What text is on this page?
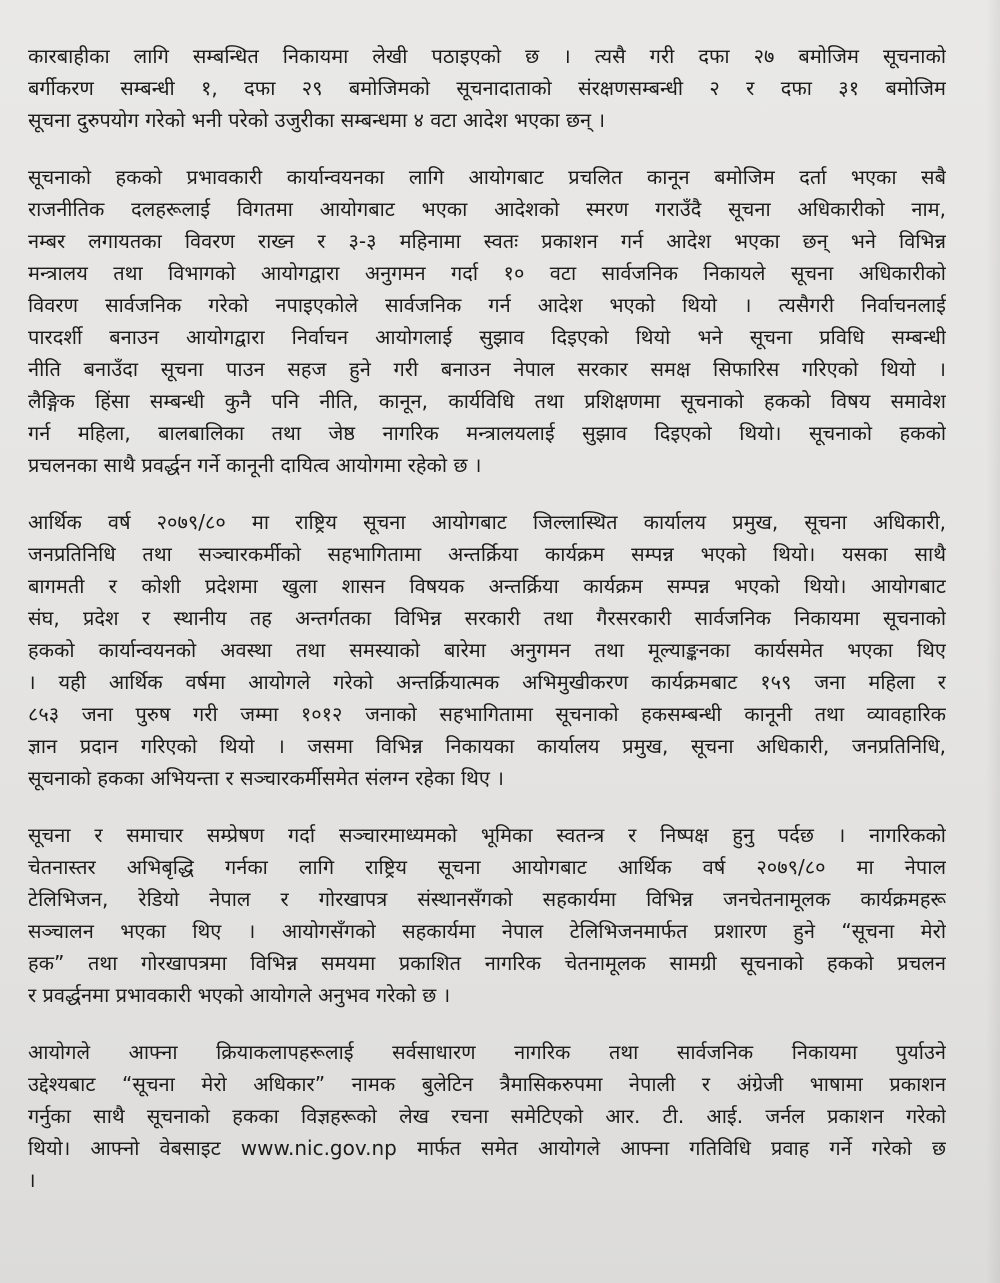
कारबाहीका लागि सम्बन्धित निकायमा लेखी पठाइएको छ । त्यसै गरी दफा २७ बमोजिम सूचनाको
बर्गीकरण सम्बन्धी १, दफा २९ बमोजिमको सूचनादाताको संरक्षणसम्बन्धी २ र दफा ३१ बमोजिम
सूचना दुरुपयोग गरेको भनी परेको उजुरीका सम्बन्धमा ४ वटा आदेश भएका छन् ।
सूचनाको हकको प्रभावकारी कार्यान्वयनका लागि आयोगबाट प्रचलित कानून बमोजिम दर्ता भएका सबै
राजनीतिक दलहरूलाई विगतमा आयोगबाट भएका आदेशको स्मरण गराउँदै सूचना अधिकारीको नाम,
नम्बर लगायतका विवरण राख्न र ३-३ महिनामा स्वतः प्रकाशन गर्न आदेश भएका छन् भने विभिन्न
मन्त्रालय तथा विभागको आयोगद्वारा अनुगमन गर्दा १० वटा सार्वजनिक निकायले सूचना अधिकारीको
विवरण सार्वजनिक गरेको नपाइएकोले सार्वजनिक गर्न आदेश भएको थियो । त्यसैगरी निर्वाचनलाई
पारदर्शी बनाउन आयोगद्वारा निर्वाचन आयोगलाई सुझाव दिइएको थियो भने सूचना प्रविधि सम्बन्धी
नीति बनाउँदा सूचना पाउन सहज हुने गरी बनाउन नेपाल सरकार समक्ष सिफारिस गरिएको थियो ।
लैङ्गिक हिंसा सम्बन्धी कुनै पनि नीति, कानून, कार्यविधि तथा प्रशिक्षणमा सूचनाको हकको विषय समावेश
गर्न महिला, बालबालिका तथा जेष्ठ नागरिक मन्त्रालयलाई सुझाव दिइएको थियो। सूचनाको हकको
प्रचलनका साथै प्रवर्द्धन गर्ने कानूनी दायित्व आयोगमा रहेको छ ।
आर्थिक वर्ष २०७९/८० मा राष्ट्रिय सूचना आयोगबाट जिल्लास्थित कार्यालय प्रमुख, सूचना अधिकारी,
जनप्रतिनिधि तथा सञ्चारकर्मीको सहभागितामा अन्तर्क्रिया कार्यक्रम सम्पन्न भएको थियो। यसका साथै
बागमती र कोशी प्रदेशमा खुला शासन विषयक अन्तर्क्रिया कार्यक्रम सम्पन्न भएको थियो। आयोगबाट
संघ, प्रदेश र स्थानीय तह अन्तर्गतका विभिन्न सरकारी तथा गैरसरकारी सार्वजनिक निकायमा सूचनाको
हकको कार्यान्वयनको अवस्था तथा समस्याको बारेमा अनुगमन तथा मूल्याङ्कनका कार्यसमेत भएका थिए
। यही आर्थिक वर्षमा आयोगले गरेको अन्तर्क्रियात्मक अभिमुखीकरण कार्यक्रमबाट १५९ जना महिला र
८५३ जना पुरुष गरी जम्मा १०१२ जनाको सहभागितामा सूचनाको हकसम्बन्धी कानूनी तथा व्यावहारिक
ज्ञान प्रदान गरिएको थियो । जसमा विभिन्न निकायका कार्यालय प्रमुख, सूचना अधिकारी, जनप्रतिनिधि,
सूचनाको हकका अभियन्ता र सञ्चारकर्मीसमेत संलग्न रहेका थिए ।
सूचना र समाचार सम्प्रेषण गर्दा सञ्चारमाध्यमको भूमिका स्वतन्त्र र निष्पक्ष हुनु पर्दछ । नागरिकको
चेतनास्तर अभिबृद्धि गर्नका लागि राष्ट्रिय सूचना आयोगबाट आर्थिक वर्ष २०७९/८० मा नेपाल
टेलिभिजन, रेडियो नेपाल र गोरखापत्र संस्थानसँगको सहकार्यमा विभिन्न जनचेतनामूलक कार्यक्रमहरू
सञ्चालन भएका थिए । आयोगसँगको सहकार्यमा नेपाल टेलिभिजनमार्फत प्रशारण हुने “सूचना मेरो
हक” तथा गोरखापत्रमा विभिन्न समयमा प्रकाशित नागरिक चेतनामूलक सामग्री सूचनाको हकको प्रचलन
र प्रवर्द्धनमा प्रभावकारी भएको आयोगले अनुभव गरेको छ ।
आयोगले आफ्ना क्रियाकलापहरूलाई सर्वसाधारण नागरिक तथा सार्वजनिक निकायमा पुर्याउने
उद्देश्यबाट “सूचना मेरो अधिकार” नामक बुलेटिन त्रैमासिकरुपमा नेपाली र अंग्रेजी भाषामा प्रकाशन
गर्नुका साथै सूचनाको हकका विज्ञहरूको लेख रचना समेटिएको आर. टी. आई. जर्नल प्रकाशन गरेको
थियो। आफ्नो वेबसाइट www.nic.gov.np मार्फत समेत आयोगले आफ्ना गतिविधि प्रवाह गर्ने गरेको छ
।
